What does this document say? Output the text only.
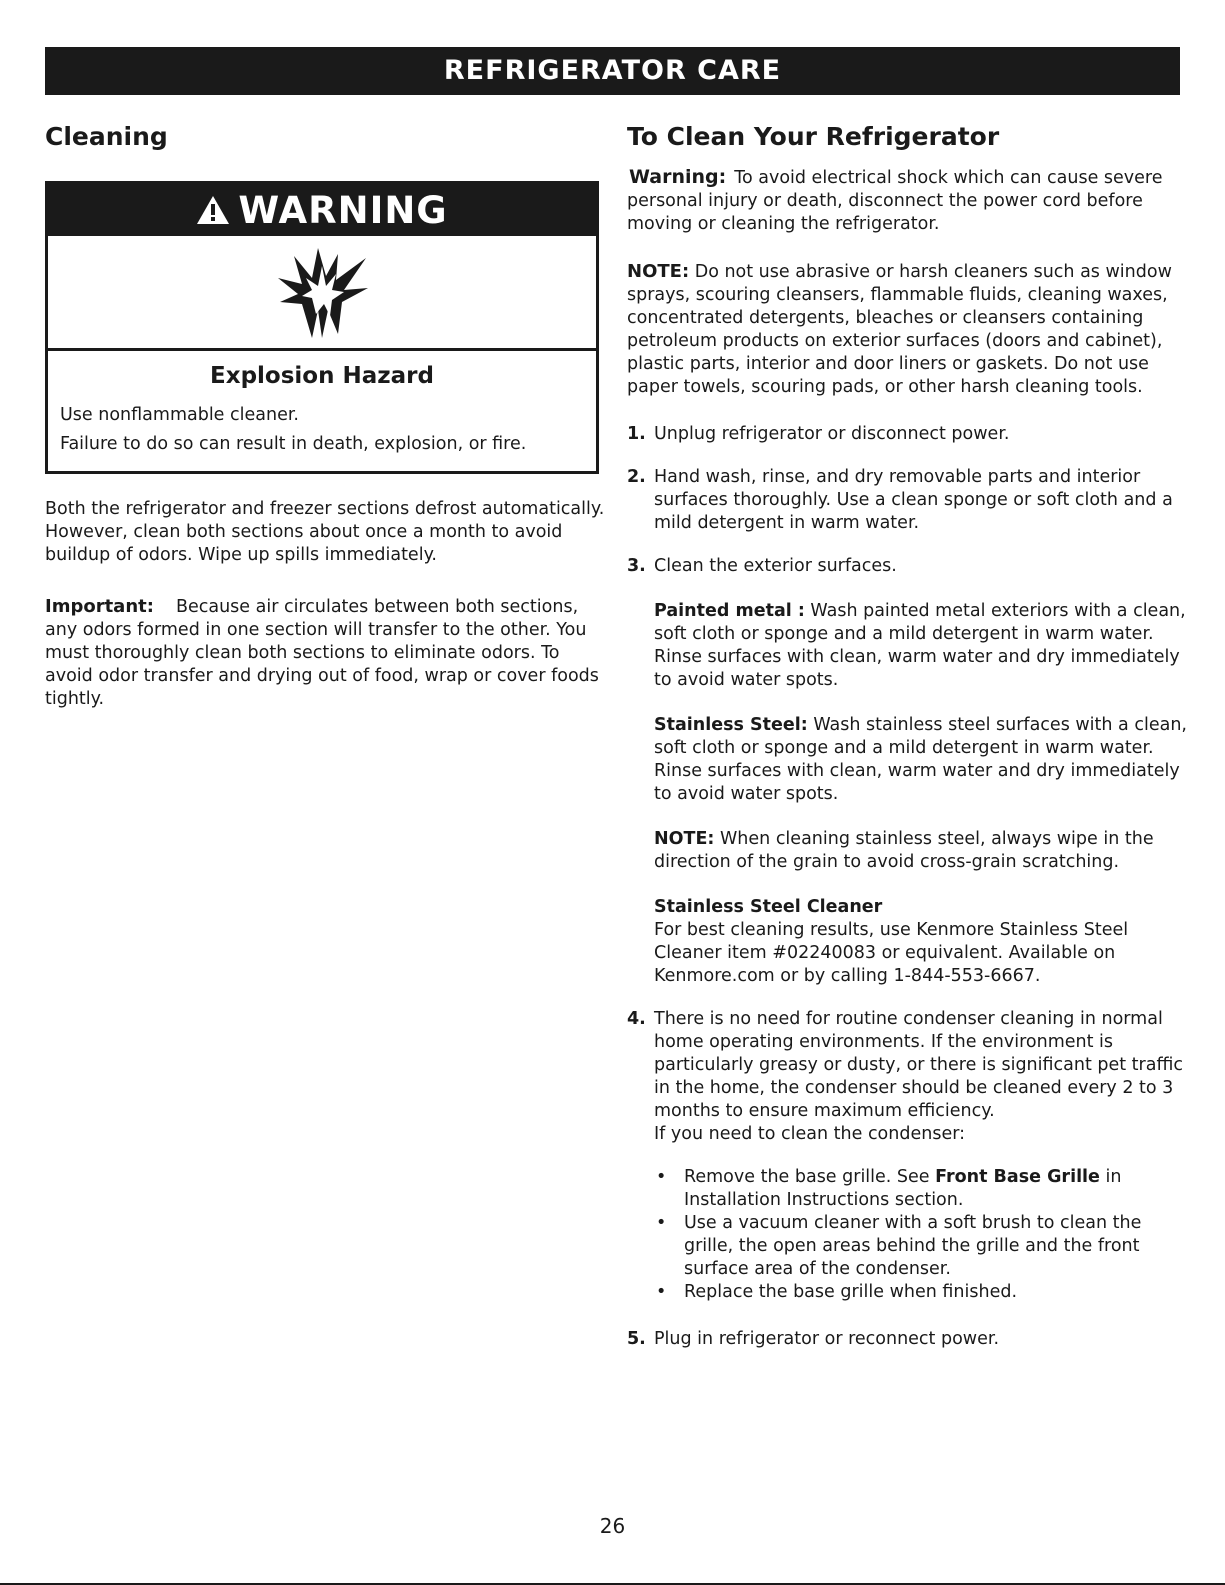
REFRIGERATOR CARE
Cleaning
WARNING
Explosion Hazard
Use nonflammable cleaner.
Failure to do so can result in death, explosion, or fire.

Both the refrigerator and freezer sections defrost automatically. However, clean both sections about once a month to avoid buildup of odors. Wipe up spills immediately.

Important: Because air circulates between both sections, any odors formed in one section will transfer to the other. You must thoroughly clean both sections to eliminate odors. To avoid odor transfer and drying out of food, wrap or cover foods tightly.

To Clean Your Refrigerator

Warning: To avoid electrical shock which can cause severe personal injury or death, disconnect the power cord before moving or cleaning the refrigerator.

NOTE: Do not use abrasive or harsh cleaners such as window sprays, scouring cleansers, flammable fluids, cleaning waxes, concentrated detergents, bleaches or cleansers containing petroleum products on exterior surfaces (doors and cabinet), plastic parts, interior and door liners or gaskets. Do not use paper towels, scouring pads, or other harsh cleaning tools.

1. Unplug refrigerator or disconnect power.
2. Hand wash, rinse, and dry removable parts and interior surfaces thoroughly. Use a clean sponge or soft cloth and a mild detergent in warm water.
3. Clean the exterior surfaces.
Painted metal : Wash painted metal exteriors with a clean, soft cloth or sponge and a mild detergent in warm water. Rinse surfaces with clean, warm water and dry immediately to avoid water spots.
Stainless Steel: Wash stainless steel surfaces with a clean, soft cloth or sponge and a mild detergent in warm water. Rinse surfaces with clean, warm water and dry immediately to avoid water spots.
NOTE: When cleaning stainless steel, always wipe in the direction of the grain to avoid cross-grain scratching.
Stainless Steel Cleaner
For best cleaning results, use Kenmore Stainless Steel Cleaner item #02240083 or equivalent. Available on Kenmore.com or by calling 1-844-553-6667.
4. There is no need for routine condenser cleaning in normal home operating environments. If the environment is particularly greasy or dusty, or there is significant pet traffic in the home, the condenser should be cleaned every 2 to 3 months to ensure maximum efficiency.
If you need to clean the condenser:
•	Remove the base grille. See Front Base Grille in Installation Instructions section.
•	Use a vacuum cleaner with a soft brush to clean the grille, the open areas behind the grille and the front surface area of the condenser.
•	Replace the base grille when finished.
5. Plug in refrigerator or reconnect power.
26
